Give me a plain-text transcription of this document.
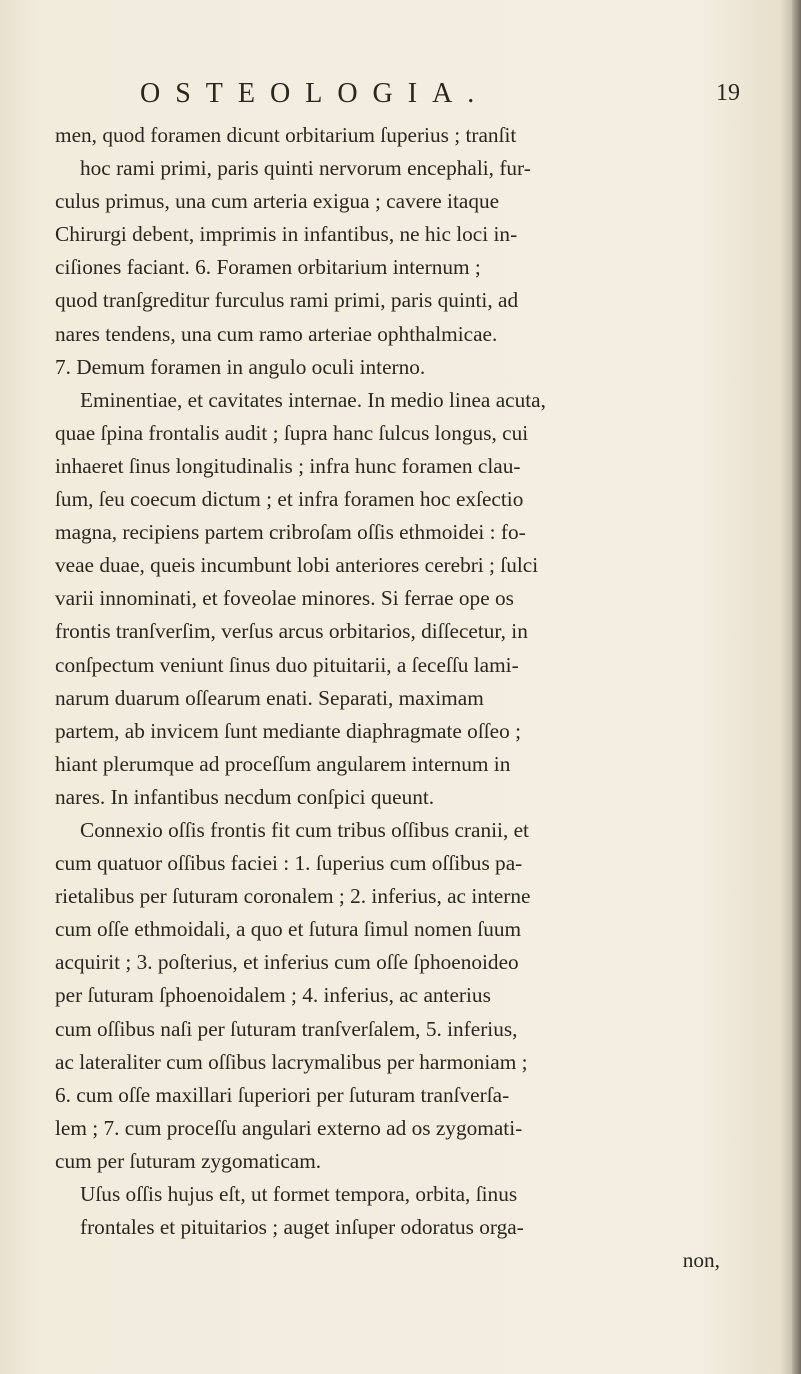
OSTEOLOGIA.	19
men, quod foramen dicunt orbitarium ſuperius ; tranſit
hoc rami primi, paris quinti nervorum encephali, fur-
culus primus, una cum arteria exigua ; cavere itaque
Chirurgi debent, imprimis in infantibus, ne hic loci in-
ciſiones faciant. 6. Foramen orbitarium internum ;
quod tranſgreditur furculus rami primi, paris quinti, ad
nares tendens, una cum ramo arteriae ophthalmicae.
7. Demum foramen in angulo oculi interno.
Eminentiae, et cavitates internae. In medio linea acuta,
quae ſpina frontalis audit ; ſupra hanc ſulcus longus, cui
inhaeret ſinus longitudinalis ; infra hunc foramen clau-
ſum, ſeu coecum dictum ; et infra foramen hoc exſectio
magna, recipiens partem cribroſam oſſis ethmoidei : fo-
veae duae, queis incumbunt lobi anteriores cerebri ; ſulci
varii innominati, et foveolae minores. Si ferrae ope os
frontis tranſverſim, verſus arcus orbitarios, diſſecetur, in
conſpectum veniunt ſinus duo pituitarii, a ſeceſſu lami-
narum duarum oſſearum enati. Separati, maximam
partem, ab invicem ſunt mediante diaphragmate oſſeo ;
hiant plerumque ad proceſſum angularem internum in
nares. In infantibus necdum conſpici queunt.
Connexio oſſis frontis fit cum tribus oſſibus cranii, et
cum quatuor oſſibus faciei : 1. ſuperius cum oſſibus pa-
rietalibus per ſuturam coronalem ; 2. inferius, ac interne
cum oſſe ethmoidali, a quo et ſutura ſimul nomen ſuum
acquirit ; 3. poſterius, et inferius cum oſſe ſphoenoideo
per ſuturam ſphoenoidalem ; 4. inferius, ac anterius
cum oſſibus naſi per ſuturam tranſverſalem, 5. inferius,
ac lateraliter cum oſſibus lacrymalibus per harmoniam ;
6. cum oſſe maxillari ſuperiori per ſuturam tranſverſa-
lem ; 7. cum proceſſu angulari externo ad os zygomati-
cum per ſuturam zygomaticam.
Uſus oſſis hujus eſt, ut formet tempora, orbita, ſinus
frontales et pituitarios ; auget inſuper odoratus orga-
non,
